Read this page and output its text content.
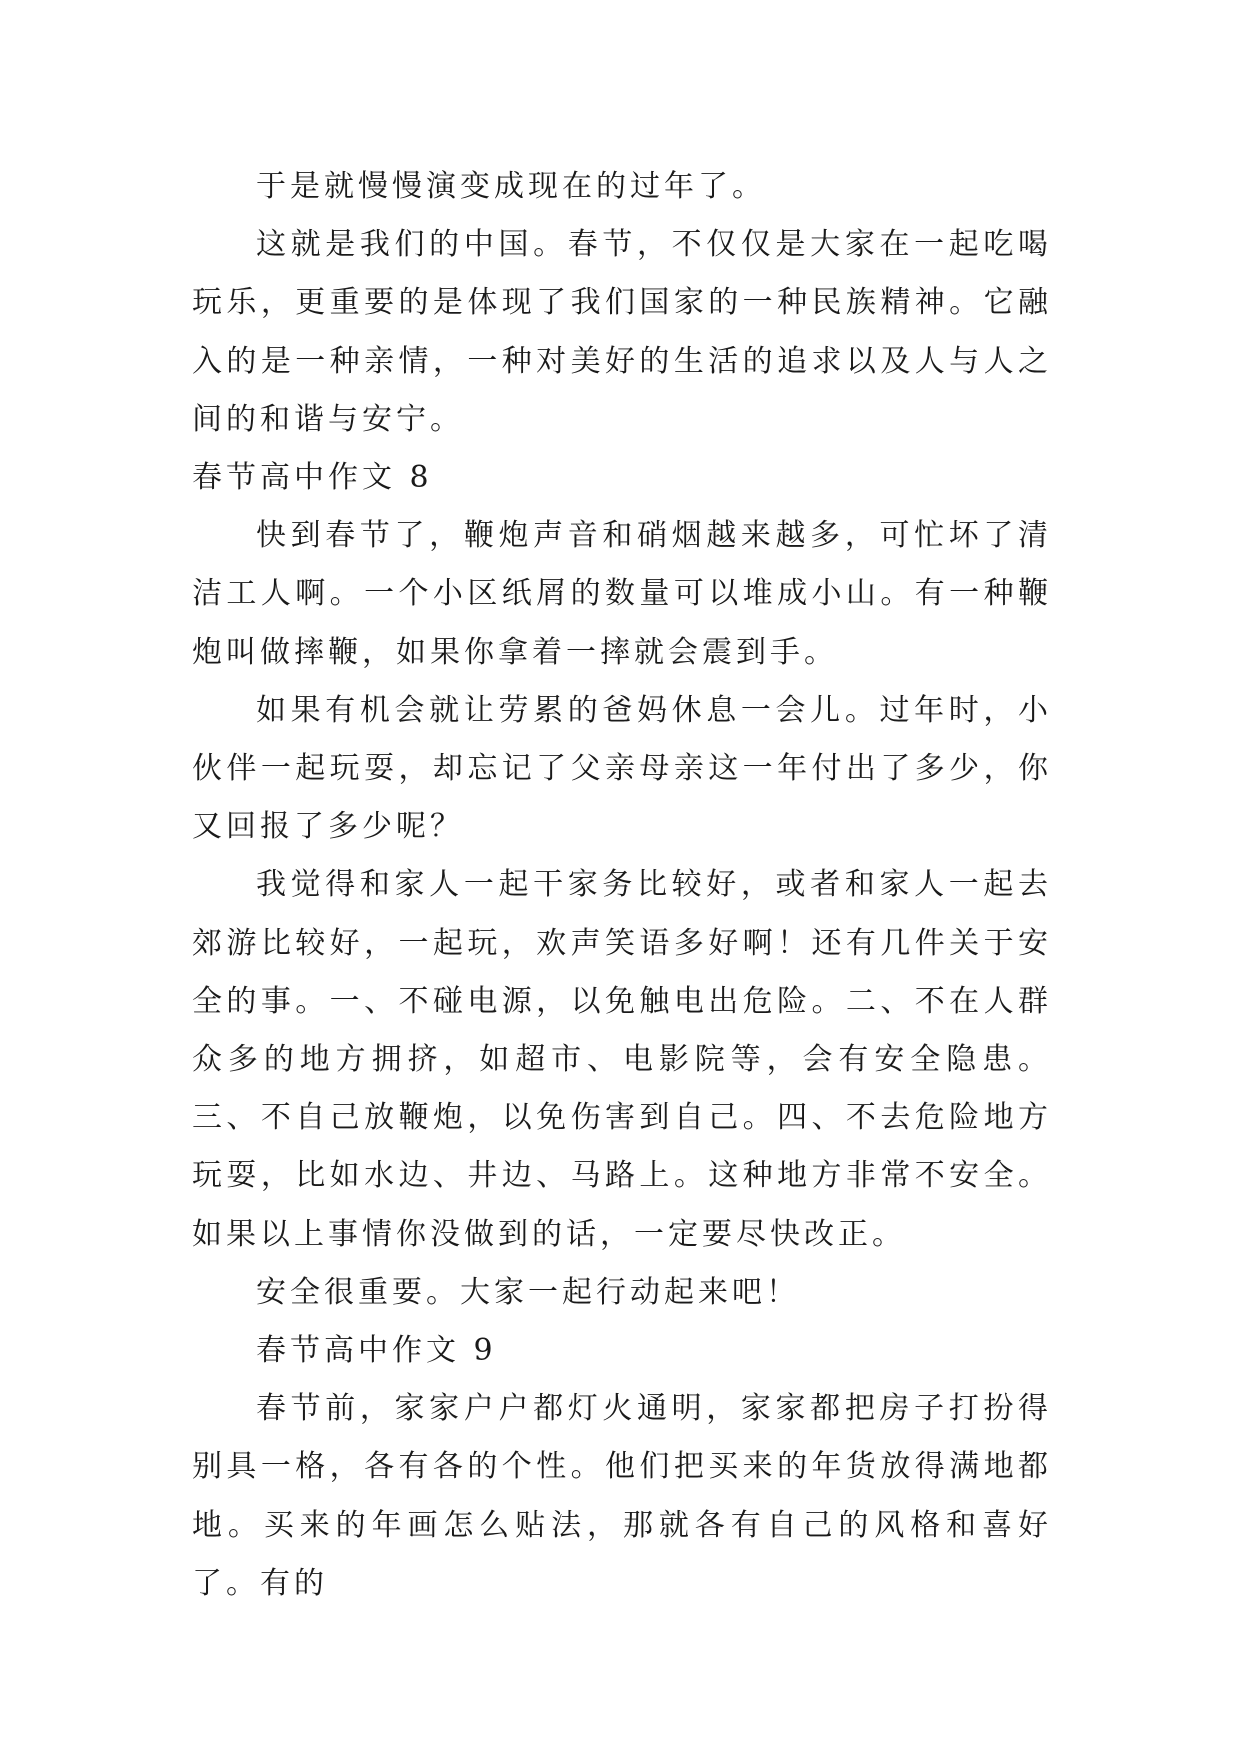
于是就慢慢演变成现在的过年了。

这就是我们的中国。春节，不仅仅是大家在一起吃喝玩乐，更重要的是体现了我们国家的一种民族精神。它融入的是一种亲情，一种对美好的生活的追求以及人与人之间的和谐与安宁。

春节高中作文 8

快到春节了，鞭炮声音和硝烟越来越多，可忙坏了清洁工人啊。一个小区纸屑的数量可以堆成小山。有一种鞭炮叫做摔鞭，如果你拿着一摔就会震到手。

如果有机会就让劳累的爸妈休息一会儿。过年时，小伙伴一起玩耍，却忘记了父亲母亲这一年付出了多少，你又回报了多少呢？

我觉得和家人一起干家务比较好，或者和家人一起去郊游比较好，一起玩，欢声笑语多好啊！还有几件关于安全的事。一、不碰电源，以免触电出危险。二、不在人群众多的地方拥挤，如超市、电影院等，会有安全隐患。三、不自己放鞭炮，以免伤害到自己。四、不去危险地方玩耍，比如水边、井边、马路上。这种地方非常不安全。如果以上事情你没做到的话，一定要尽快改正。

安全很重要。大家一起行动起来吧！

春节高中作文 9

春节前，家家户户都灯火通明，家家都把房子打扮得别具一格，各有各的个性。他们把买来的年货放得满地都地。买来的年画怎么贴法，那就各有自己的风格和喜好了。有的
